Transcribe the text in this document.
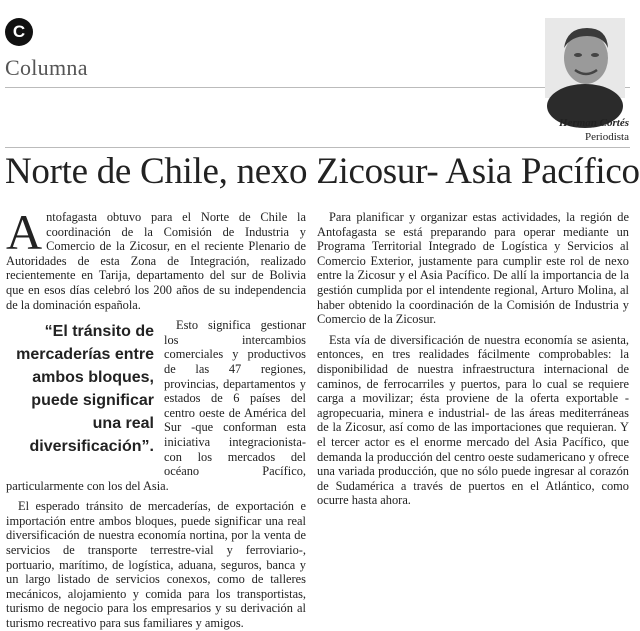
C
Columna
Herman Cortés
Periodista
Norte de Chile, nexo Zicosur- Asia Pacífico

Antofagasta obtuvo para el Norte de Chile la coordinación de la Comisión de Industria y Comercio de la Zicosur, en el reciente Plenario de Autoridades de esta Zona de Integración, realizado recientemente en Tarija, departamento del sur de Bolivia que en esos días celebró los 200 años de su independencia de la dominación española.

“El tránsito de mercaderías entre ambos bloques, puede significar una real diversificación”.

Esto significa gestionar los intercambios comerciales y productivos de las 47 regiones, provincias, departamentos y estados de 6 países del centro oeste de América del Sur -que conforman esta iniciativa integracionista- con los mercados del océano Pacífico, particularmente con los del Asia.

El esperado tránsito de mercaderías, de exportación e importación entre ambos bloques, puede significar una real diversificación de nuestra economía nortina, por la venta de servicios de transporte terrestre-vial y ferroviario-, portuario, marítimo, de logística, aduana, seguros, banca y un largo listado de servicios conexos, como de talleres mecánicos, alojamiento y comida para los transportistas, turismo de negocio para los empresarios y su derivación al turismo recreativo para sus familiares y amigos.

Para planificar y organizar estas actividades, la región de Antofagasta se está preparando para operar mediante un Programa Territorial Integrado de Logística y Servicios al Comercio Exterior, justamente para cumplir este rol de nexo entre la Zicosur y el Asia Pacífico. De allí la importancia de la gestión cumplida por el intendente regional, Arturo Molina, al haber obtenido la coordinación de la Comisión de Industria y Comercio de la Zicosur.

Esta vía de diversificación de nuestra economía se asienta, entonces, en tres realidades fácilmente comprobables: la disponibilidad de nuestra infraestructura internacional de caminos, de ferrocarriles y puertos, para lo cual se requiere carga a movilizar; ésta proviene de la oferta exportable -agropecuaria, minera e industrial- de las áreas mediterráneas de la Zicosur, así como de las importaciones que requieran. Y el tercer actor es el enorme mercado del Asia Pacífico, que demanda la producción del centro oeste sudamericano y ofrece una variada producción, que no sólo puede ingresar al corazón de Sudamérica a través de puertos en el Atlántico, como ocurre hasta ahora.
